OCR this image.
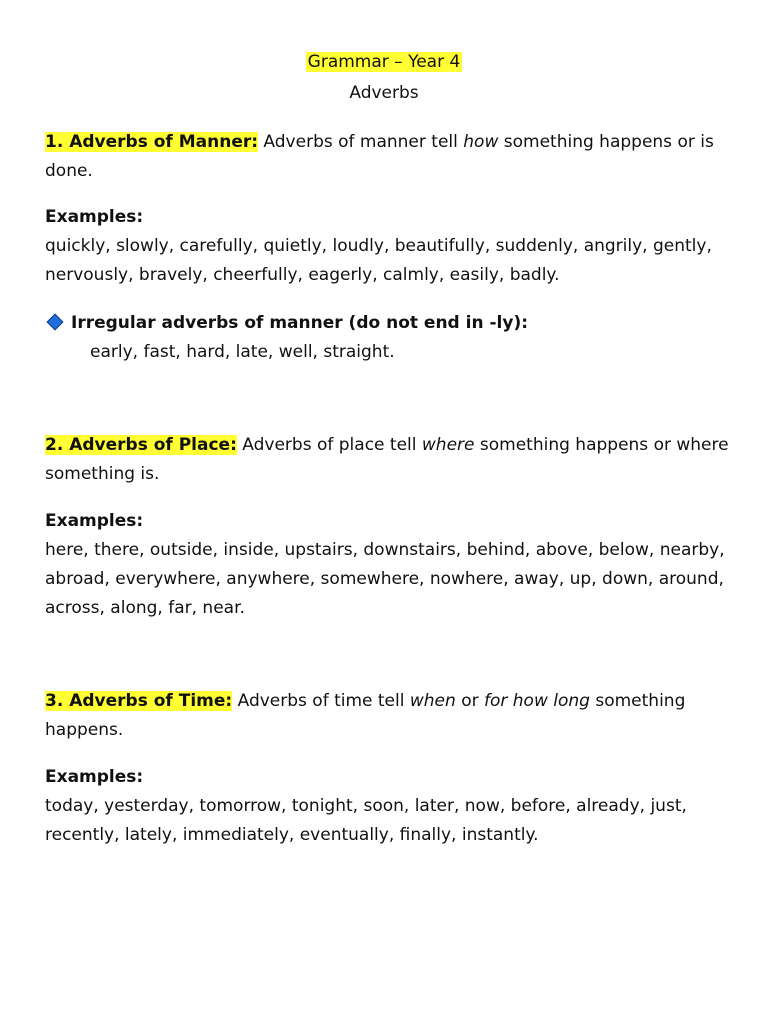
Grammar – Year 4
Adverbs

1. Adverbs of Manner: Adverbs of manner tell how something happens or is done.

Examples:

quickly, slowly, carefully, quietly, loudly, beautifully, suddenly, angrily, gently, nervously, bravely, cheerfully, eagerly, calmly, easily, badly.

Irregular adverbs of manner (do not end in -ly):

early, fast, hard, late, well, straight.

2. Adverbs of Place: Adverbs of place tell where something happens or where something is.

Examples:

here, there, outside, inside, upstairs, downstairs, behind, above, below, nearby, abroad, everywhere, anywhere, somewhere, nowhere, away, up, down, around, across, along, far, near.

3. Adverbs of Time: Adverbs of time tell when or for how long something happens.

Examples:

today, yesterday, tomorrow, tonight, soon, later, now, before, already, just, recently, lately, immediately, eventually, finally, instantly.
